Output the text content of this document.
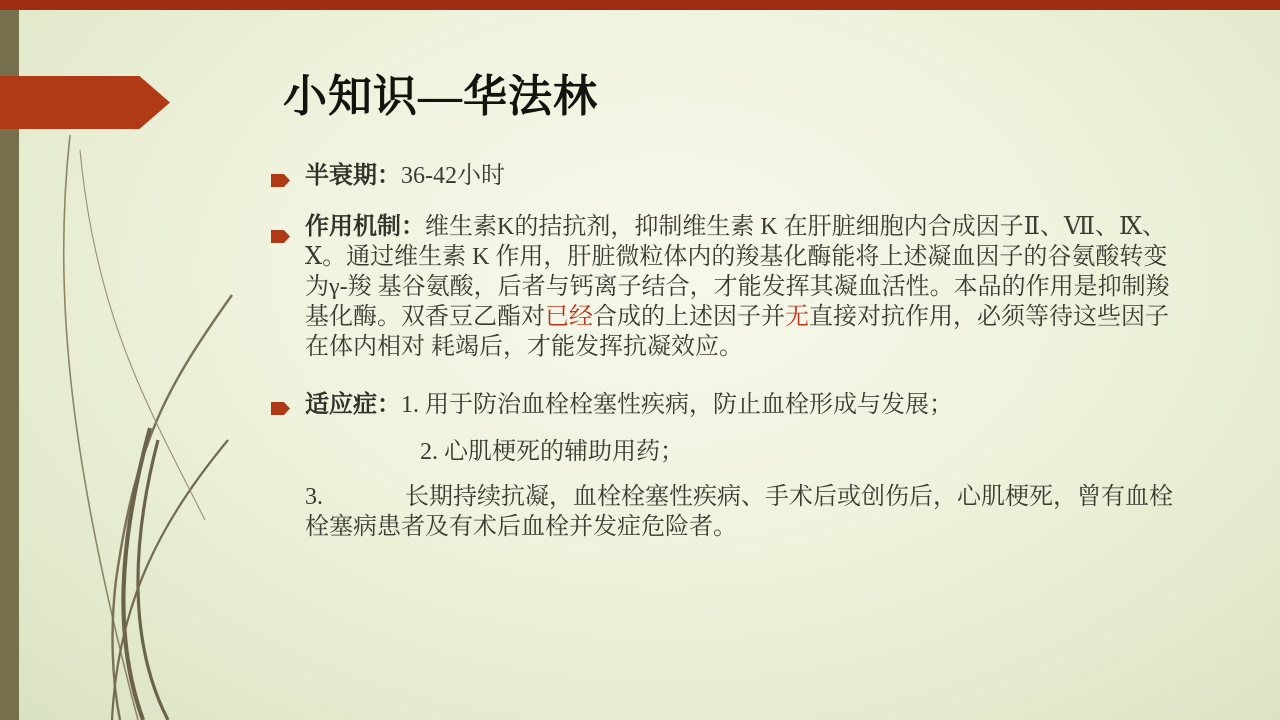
小知识—华法林
半衰期：36-42小时
作用机制：维生素K的拮抗剂，抑制维生素 K 在肝脏细胞内合成因子Ⅱ、Ⅶ、Ⅸ、Ⅹ。通过维生素 K 作用，肝脏微粒体内的羧基化酶能将上述凝血因子的谷氨酸转变为γ-羧 基谷氨酸，后者与钙离子结合，才能发挥其凝血活性。本品的作用是抑制羧基化酶。双香豆乙酯对已经合成的上述因子并无直接对抗作用，必须等待这些因子在体内相对 耗竭后，才能发挥抗凝效应。
适应症：1. 用于防治血栓栓塞性疾病，防止血栓形成与发展；
2. 心肌梗死的辅助用药；
3.	长期持续抗凝，血栓栓塞性疾病、手术后或创伤后，心肌梗死，曾有血栓栓塞病患者及有术后血栓并发症危险者。
